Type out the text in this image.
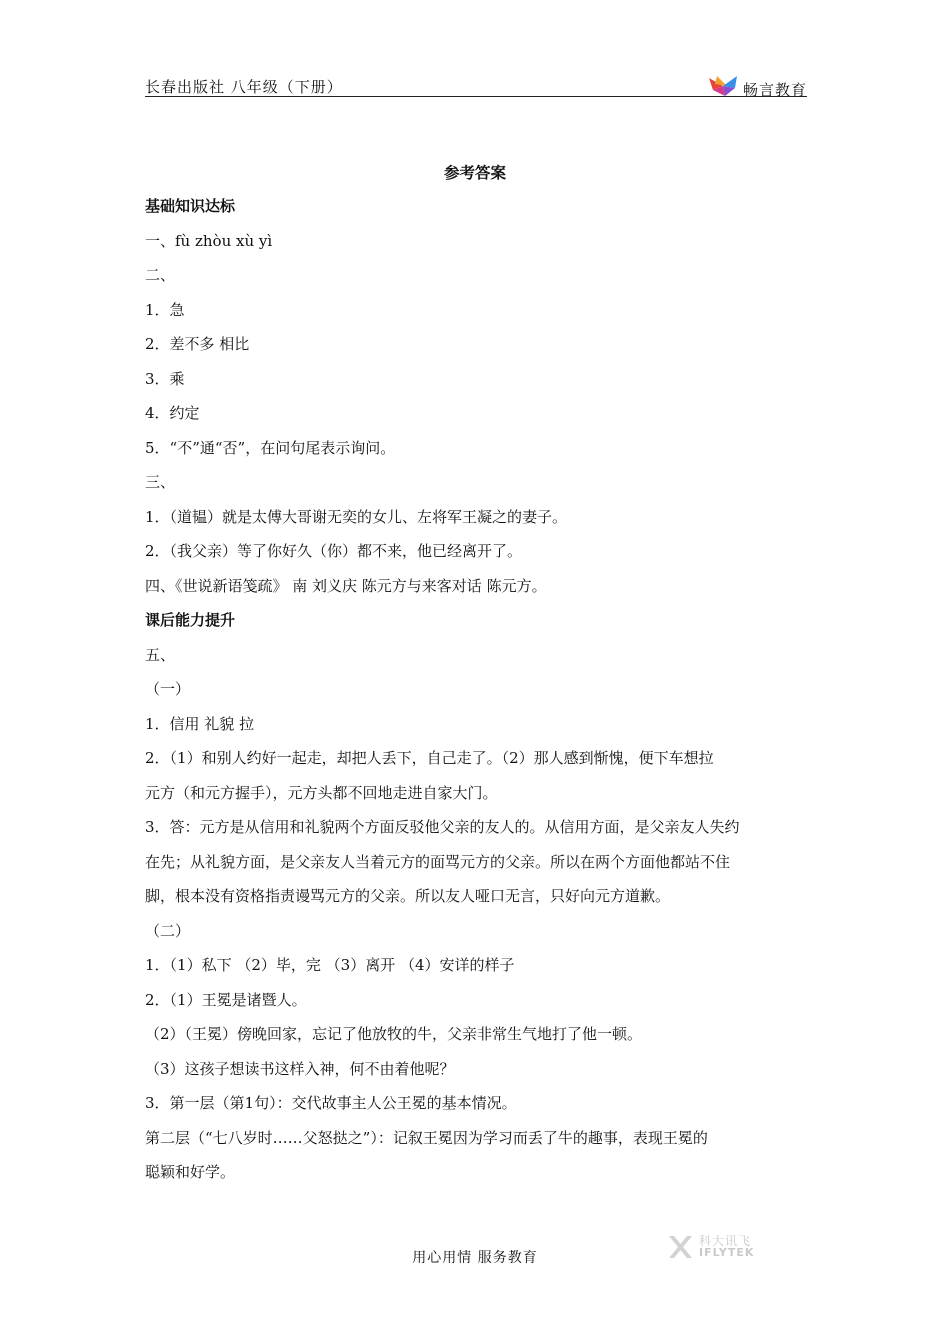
长春出版社 八年级（下册）	畅言教育
参考答案
基础知识达标
一、fù zhòu xù yì
二、
1．急
2．差不多 相比
3．乘
4．约定
5．“不”通“否”，在问句尾表示询问。
三、
1．（道韫）就是太傅大哥谢无奕的女儿、左将军王凝之的妻子。
2．（我父亲）等了你好久（你）都不来，他已经离开了。
四、《世说新语笺疏》 南 刘义庆 陈元方与来客对话 陈元方。
课后能力提升
五、
（一）
1．信用 礼貌 拉
2．（1）和别人约好一起走，却把人丢下，自己走了。（2）那人感到惭愧，便下车想拉
元方（和元方握手），元方头都不回地走进自家大门。
3．答：元方是从信用和礼貌两个方面反驳他父亲的友人的。从信用方面，是父亲友人失约
在先；从礼貌方面，是父亲友人当着元方的面骂元方的父亲。所以在两个方面他都站不住
脚，根本没有资格指责谩骂元方的父亲。所以友人哑口无言，只好向元方道歉。
（二）
1．（1）私下 （2）毕，完 （3）离开 （4）安详的样子
2．（1）王冕是诸暨人。
（2）（王冕）傍晚回家，忘记了他放牧的牛，父亲非常生气地打了他一顿。
（3）这孩子想读书这样入神，何不由着他呢？
3．第一层（第1句）：交代故事主人公王冕的基本情况。
第二层（“七八岁时……父怒挞之”）：记叙王冕因为学习而丢了牛的趣事，表现王冕的
聪颖和好学。
用心用情 服务教育
科大讯飞
IFLYTEK
